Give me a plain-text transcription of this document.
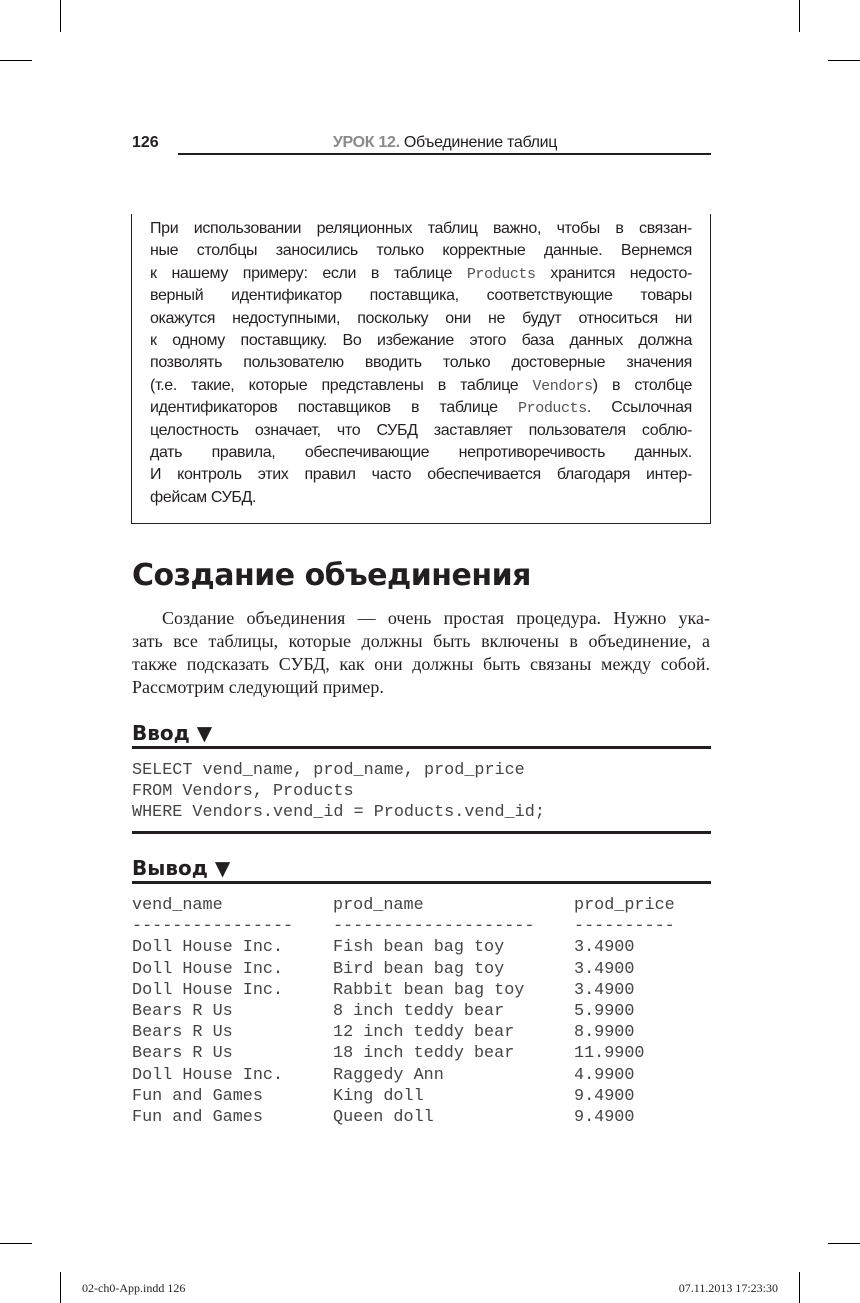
126	УРОК 12. Объединение таблиц
При использовании реляционных таблиц важно, чтобы в связан-
ные столбцы заносились только корректные данные. Вернемся
к нашему примеру: если в таблице Products хранится недосто-
верный идентификатор поставщика, соответствующие товары
окажутся недоступными, поскольку они не будут относиться ни
к одному поставщику. Во избежание этого база данных должна
позволять пользователю вводить только достоверные значения
(т.е. такие, которые представлены в таблице Vendors) в столбце
идентификаторов поставщиков в таблице Products. Ссылочная
целостность означает, что СУБД заставляет пользователя соблю-
дать правила, обеспечивающие непротиворечивость данных.
И контроль этих правил часто обеспечивается благодаря интер-
фейсам СУБД.
Создание объединения
Создание объединения — очень простая процедура. Нужно ука-
зать все таблицы, которые должны быть включены в объединение, а
также подсказать СУБД, как они должны быть связаны между собой.
Рассмотрим следующий пример.
Ввод ▼
SELECT vend_name, prod_name, prod_price
FROM Vendors, Products
WHERE Vendors.vend_id = Products.vend_id;
Вывод ▼
vend_name	prod_name	prod_price
---------------- -------------------- ----------
Doll House Inc.	Fish bean bag toy	3.4900
Doll House Inc.	Bird bean bag toy	3.4900
Doll House Inc.	Rabbit bean bag toy	3.4900
Bears R Us	8 inch teddy bear	5.9900
Bears R Us	12 inch teddy bear	8.9900
Bears R Us	18 inch teddy bear	11.9900
Doll House Inc.	Raggedy Ann	4.9900
Fun and Games	King doll	9.4900
Fun and Games	Queen doll	9.4900
02-ch0-App.indd 126	07.11.2013 17:23:30
